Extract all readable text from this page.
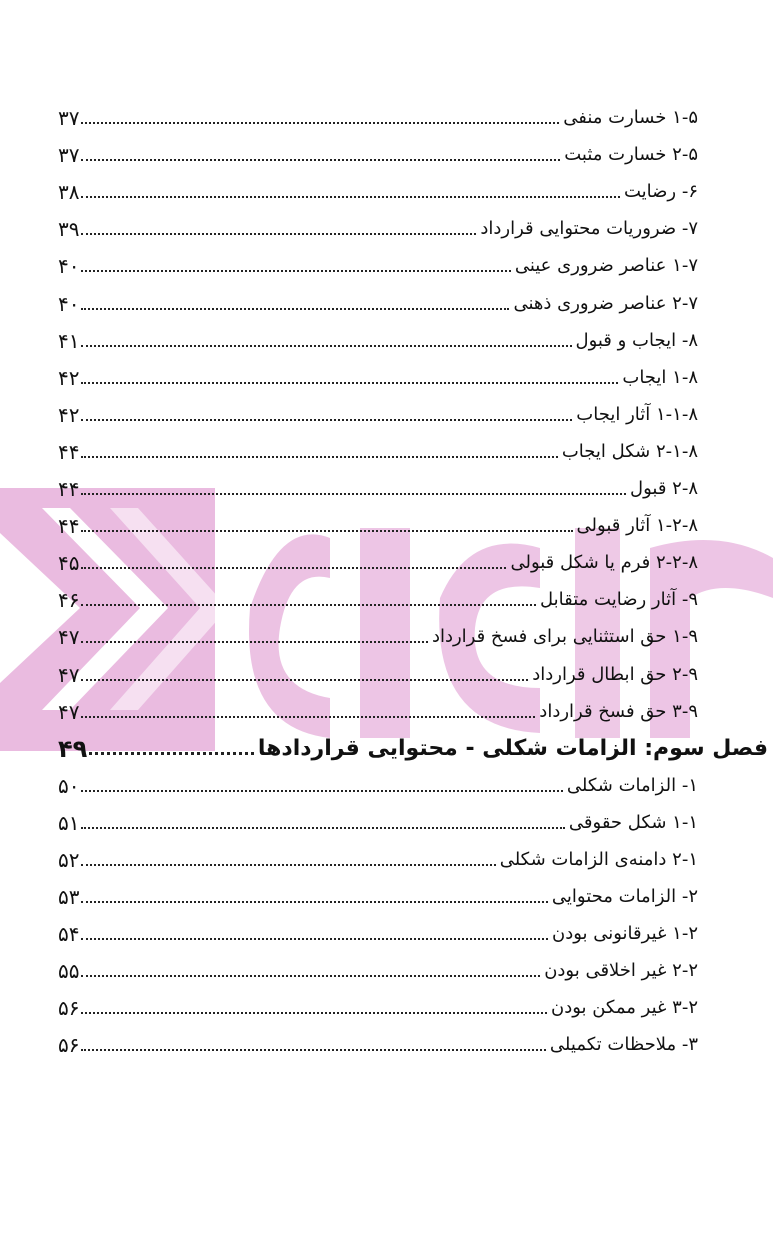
۱-۵ خسارت منفی
۳۷
۲-۵ خسارت مثبت
۳۷
۶- رضایت
۳۸
۷- ضروریات محتوایی قرارداد
۳۹
۱-۷ عناصر ضروری عینی
۴۰
۲-۷ عناصر ضروری ذهنی
۴۰
۸- ایجاب و قبول
۴۱
۱-۸ ایجاب
۴۲
۱-۱-۸ آثار ایجاب
۴۲
۲-۱-۸ شکل ایجاب
۴۴
۲-۸ قبول
۴۴
۱-۲-۸ آثار قبولی
۴۴
۲-۲-۸ فرم یا شکل قبولی
۴۵
۹- آثار رضایت متقابل
۴۶
۱-۹ حق استثنایی برای فسخ قرارداد
۴۷
۲-۹ حق ابطال قرارداد
۴۷
۳-۹ حق فسخ قرارداد
۴۷
فصل سوم: الزامات شکلی - محتوایی قراردادها
۴۹
۱- الزامات شکلی
۵۰
۱-۱ شکل حقوقی
۵۱
۲-۱ دامنه‌ی الزامات شکلی
۵۲
۲- الزامات محتوایی
۵۳
۱-۲ غیرقانونی بودن
۵۴
۲-۲ غیر اخلاقی بودن
۵۵
۳-۲ غیر ممکن بودن
۵۶
۳- ملاحظات تکمیلی
۵۶
